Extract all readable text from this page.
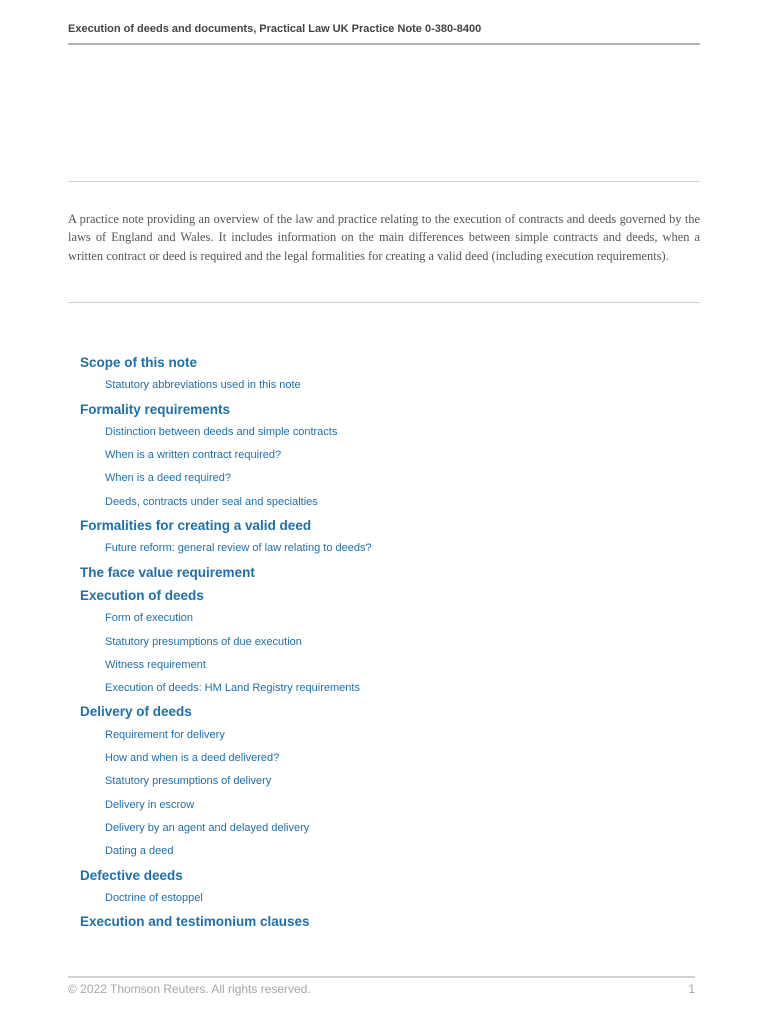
Execution of deeds and documents, Practical Law UK Practice Note 0-380-8400

A practice note providing an overview of the law and practice relating to the execution of contracts and deeds governed by the laws of England and Wales. It includes information on the main differences between simple contracts and deeds, when a written contract or deed is required and the legal formalities for creating a valid deed (including execution requirements).

Scope of this note
Statutory abbreviations used in this note
Formality requirements
Distinction between deeds and simple contracts
When is a written contract required?
When is a deed required?
Deeds, contracts under seal and specialties
Formalities for creating a valid deed
Future reform: general review of law relating to deeds?
The face value requirement
Execution of deeds
Form of execution
Statutory presumptions of due execution
Witness requirement
Execution of deeds: HM Land Registry requirements
Delivery of deeds
Requirement for delivery
How and when is a deed delivered?
Statutory presumptions of delivery
Delivery in escrow
Delivery by an agent and delayed delivery
Dating a deed
Defective deeds
Doctrine of estoppel
Execution and testimonium clauses
© 2022 Thomson Reuters. All rights reserved.	1
